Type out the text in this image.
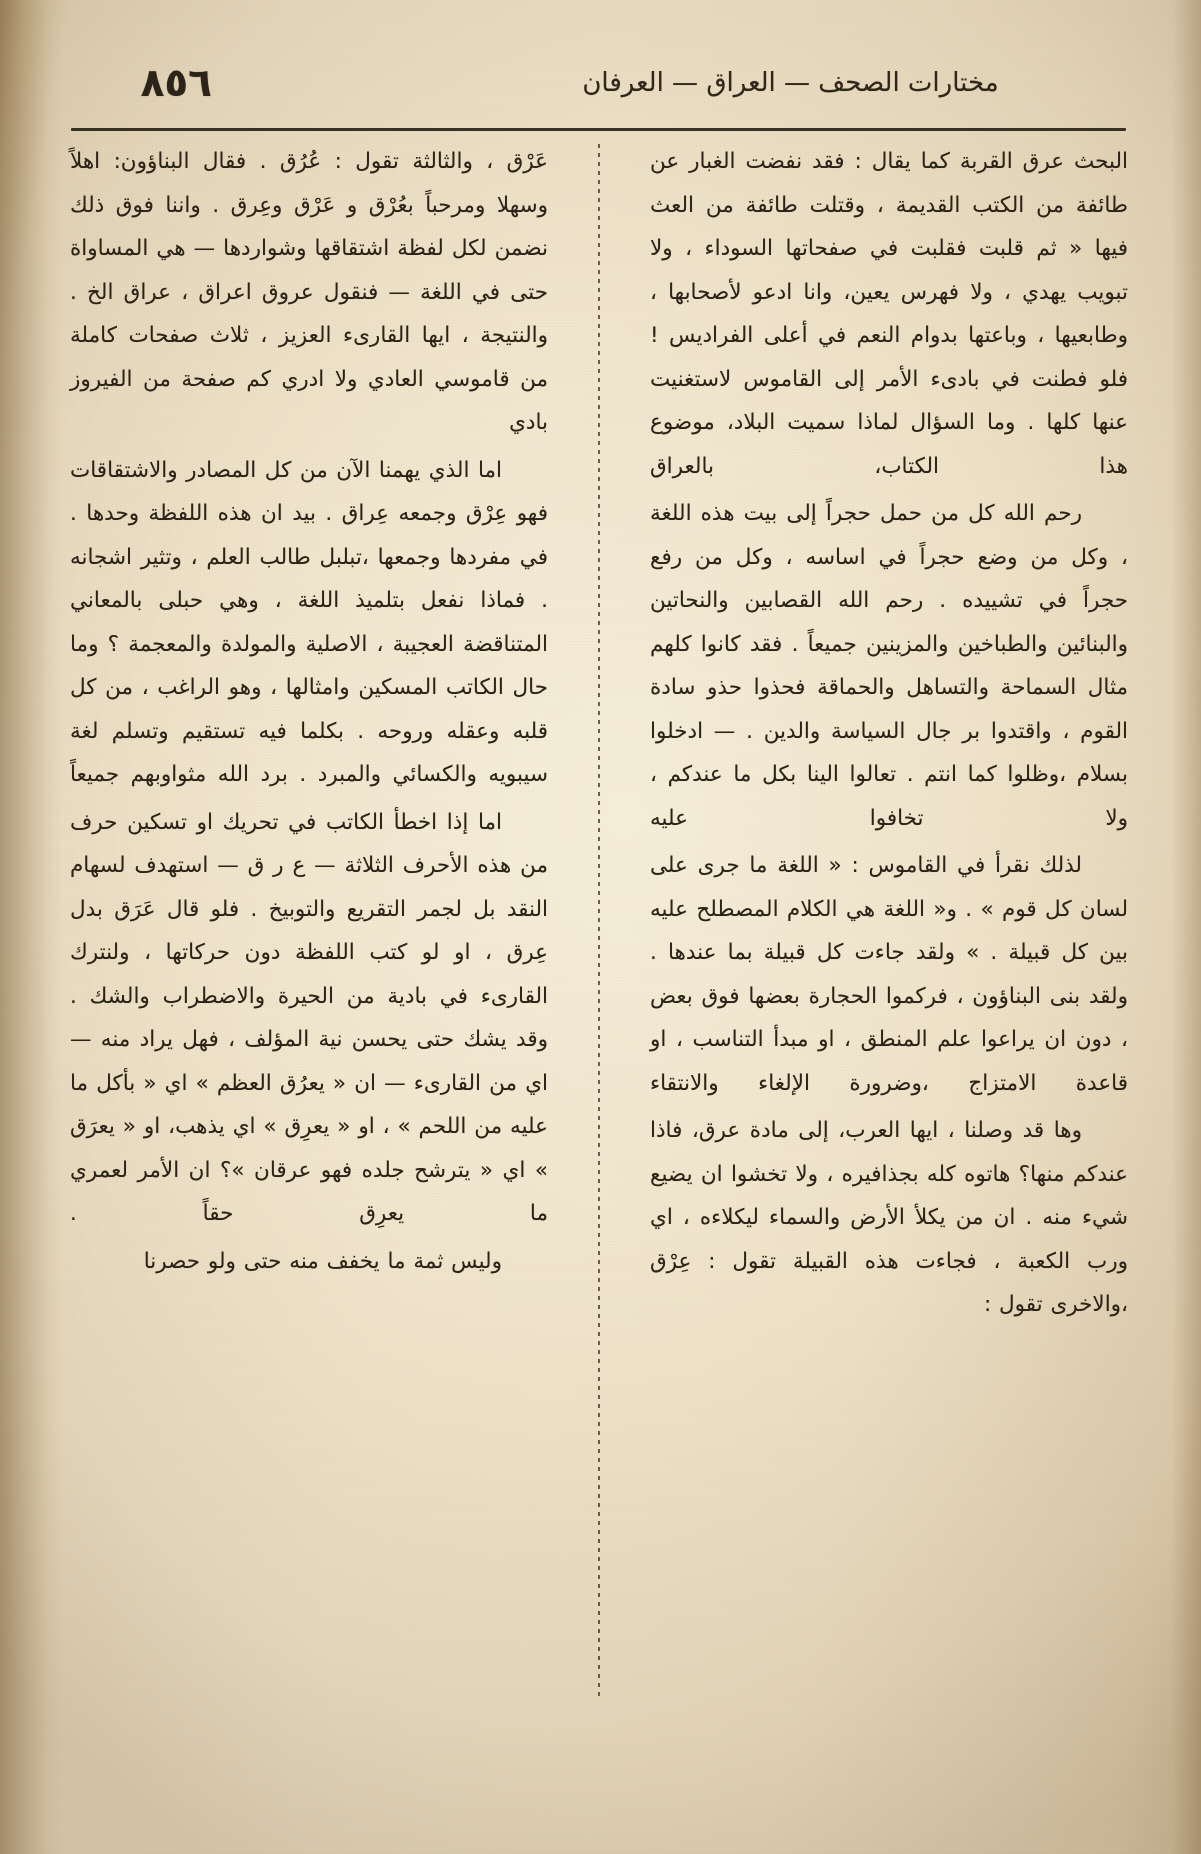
مختارات الصحف — العراق — العرفان
٨٥٦

البحث عرق القربة كما يقال : فقد نفضت الغبار عن طائفة من الكتب القديمة ، وقتلت طائفة من العث فيها « ثم قلبت فقلبت في صفحاتها السوداء ، ولا تبويب يهدي ، ولا فهرس يعين، وانا ادعو لأصحابها ، وطابعيها ، وباعتها بدوام النعم في أعلى الفراديس ! فلو فطنت في بادىء الأمر إلى القاموس لاستغنيت عنها كلها . وما السؤال لماذا سميت البلاد، موضوع هذا الكتاب، بالعراق

رحم الله كل من حمل حجراً إلى بيت هذه اللغة ، وكل من وضع حجراً في اساسه ، وكل من رفع حجراً في تشييده . رحم الله القصابين والنحاتين والبنائين والطباخين والمزينين جميعاً . فقد كانوا كلهم مثال السماحة والتساهل والحماقة فحذوا حذو سادة القوم ، واقتدوا بر جال السياسة والدين . — ادخلوا بسلام ،وظلوا كما انتم . تعالوا الينا بكل ما عندكم ، ولا تخافوا عليه

لذلك نقرأ في القاموس : « اللغة ما جرى على لسان كل قوم » . و« اللغة هي الكلام المصطلح عليه بين كل قبيلة . » ولقد جاءت كل قبيلة بما عندها . ولقد بنى البناؤون ، فركموا الحجارة بعضها فوق بعض ، دون ان يراعوا علم المنطق ، او مبدأ التناسب ، او قاعدة الامتزاج ،وضرورة الإلغاء والانتقاء

وها قد وصلنا ، ايها العرب، إلى مادة عرق، فاذا عندكم منها؟ هاتوه كله بجذافيره ، ولا تخشوا ان يضيع شيء منه . ان من يكلأ الأرض والسماء ليكلاءه ، اي ورب الكعبة ، فجاءت هذه القبيلة تقول : عِرْق ،والاخرى تقول :

عَرْق ، والثالثة تقول : عُرُق . فقال البناؤون: اهلاً وسهلا ومرحباً بعُرْق و عَرْق وعِرق . واننا فوق ذلك نضمن لكل لفظة اشتقاقها وشواردها — هي المساواة حتى في اللغة — فنقول عروق اعراق ، عراق الخ . والنتيجة ، ايها القارىء العزيز ، ثلاث صفحات كاملة من قاموسي العادي ولا ادري كم صفحة من الفيروز بادي

اما الذي يهمنا الآن من كل المصادر والاشتقاقات فهو عِرْق وجمعه عِراق . بيد ان هذه اللفظة وحدها . في مفردها وجمعها ،تبلبل طالب العلم ، وتثير اشجانه . فماذا نفعل بتلميذ اللغة ، وهي حبلى بالمعاني المتناقضة العجيبة ، الاصلية والمولدة والمعجمة ؟ وما حال الكاتب المسكين وامثالها ، وهو الراغب ، من كل قلبه وعقله وروحه . بكلما فيه تستقيم وتسلم لغة سيبويه والكسائي والمبرد . برد الله مثواوبهم جميعاً

اما إذا اخطأ الكاتب في تحريك او تسكين حرف من هذه الأحرف الثلاثة — ع ر ق — استهدف لسهام النقد بل لجمر التقريع والتوبيخ . فلو قال عَرَق بدل عِرق ، او لو كتب اللفظة دون حركاتها ، ولنترك القارىء في بادية من الحيرة والاضطراب والشك . وقد يشك حتى يحسن نية المؤلف ، فهل يراد منه — اي من القارىء — ان « يعرُق العظم » اي « بأكل ما عليه من اللحم » ، او « يعرِق » اي يذهب، او « يعرَق » اي « يترشح جلده فهو عرقان »؟ ان الأمر لعمري ما يعرِق حقاً .

وليس ثمة ما يخفف منه حتى ولو حصرنا
